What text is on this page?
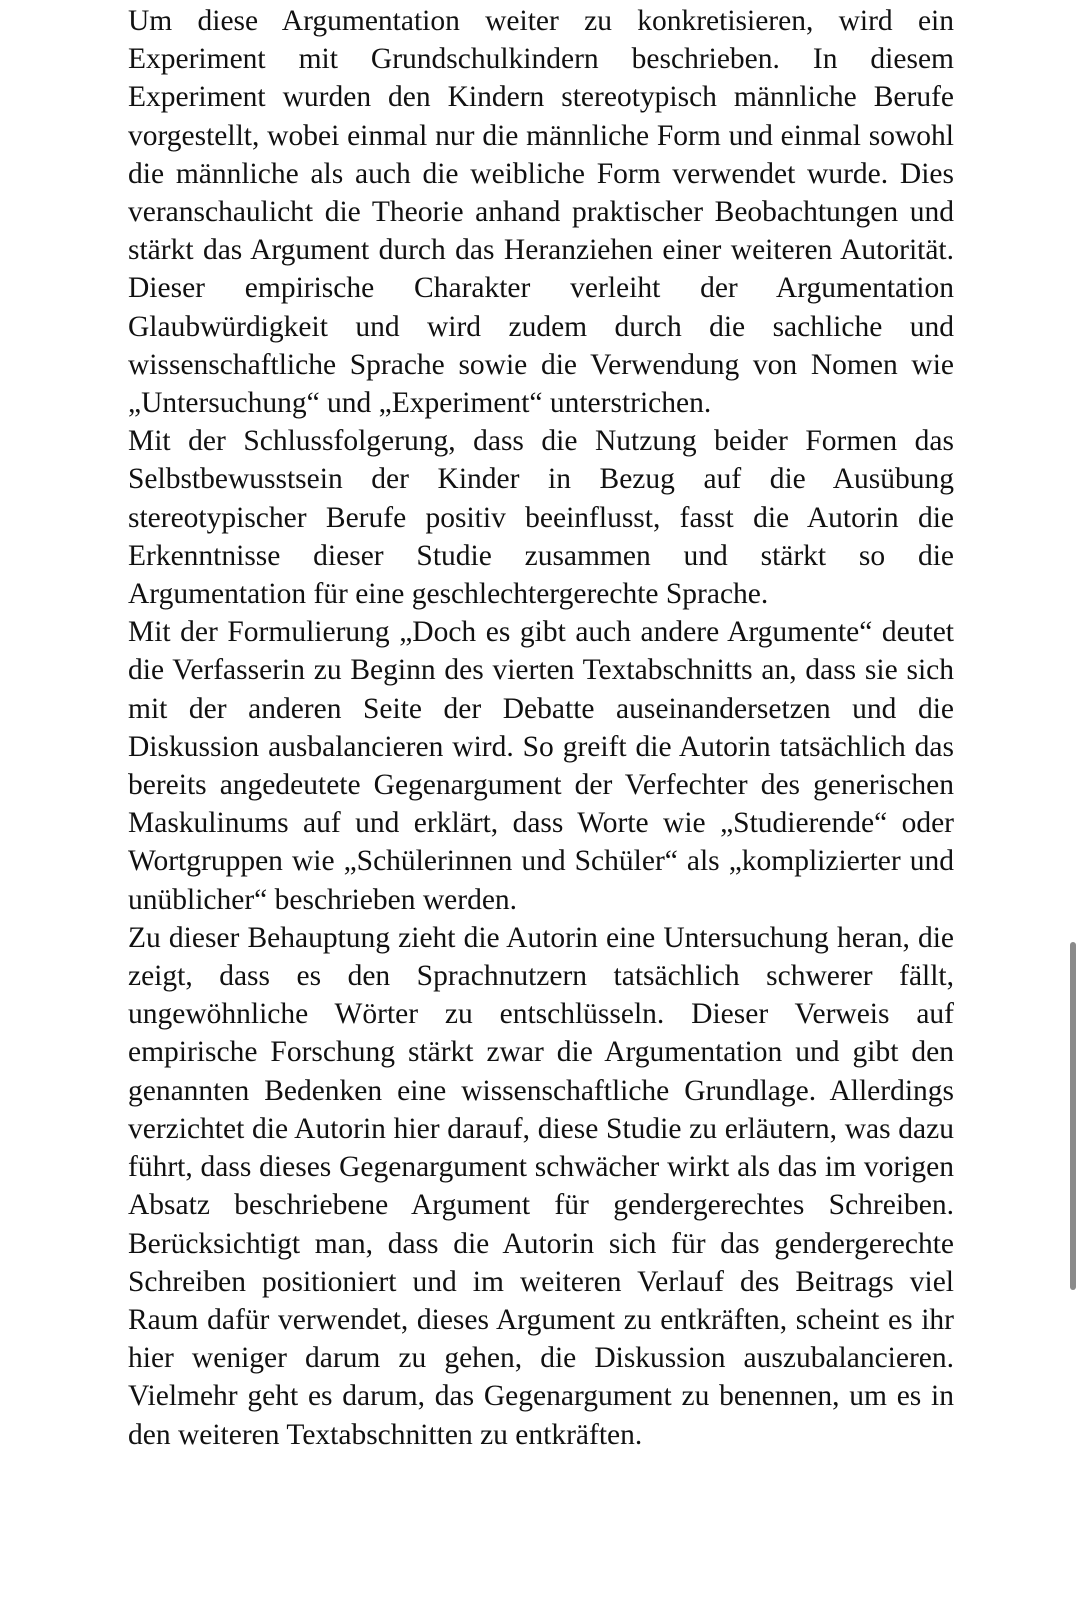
Um diese Argumentation weiter zu konkretisieren, wird ein Experiment mit Grundschulkindern beschrieben. In diesem Experiment wurden den Kindern stereotypisch männliche Berufe vorgestellt, wobei einmal nur die männliche Form und einmal sowohl die männliche als auch die weibliche Form verwendet wurde. Dies veranschaulicht die Theorie anhand praktischer Beobachtungen und stärkt das Argument durch das Heranziehen einer weiteren Autorität. Dieser empirische Charakter verleiht der Argumentation Glaubwürdigkeit und wird zudem durch die sachliche und wissenschaftliche Sprache sowie die Verwendung von Nomen wie „Untersuchung“ und „Experiment“ unterstrichen.

Mit der Schlussfolgerung, dass die Nutzung beider Formen das Selbstbewusstsein der Kinder in Bezug auf die Ausübung stereotypischer Berufe positiv beeinflusst, fasst die Autorin die Erkenntnisse dieser Studie zusammen und stärkt so die Argumentation für eine geschlechtergerechte Sprache.

Mit der Formulierung „Doch es gibt auch andere Argumente“ deutet die Verfasserin zu Beginn des vierten Textabschnitts an, dass sie sich mit der anderen Seite der Debatte auseinandersetzen und die Diskussion ausbalancieren wird. So greift die Autorin tatsächlich das bereits angedeutete Gegenargument der Verfechter des generischen Maskulinums auf und erklärt, dass Worte wie „Studierende“ oder Wortgruppen wie „Schülerinnen und Schüler“ als „komplizierter und unüblicher“ beschrieben werden.

Zu dieser Behauptung zieht die Autorin eine Untersuchung heran, die zeigt, dass es den Sprachnutzern tatsächlich schwerer fällt, ungewöhnliche Wörter zu entschlüsseln. Dieser Verweis auf empirische Forschung stärkt zwar die Argumentation und gibt den genannten Bedenken eine wissenschaftliche Grundlage. Allerdings verzichtet die Autorin hier darauf, diese Studie zu erläutern, was dazu führt, dass dieses Gegenargument schwächer wirkt als das im vorigen Absatz beschriebene Argument für gendergerechtes Schreiben. Berücksichtigt man, dass die Autorin sich für das gendergerechte Schreiben positioniert und im weiteren Verlauf des Beitrags viel Raum dafür verwendet, dieses Argument zu entkräften, scheint es ihr hier weniger darum zu gehen, die Diskussion auszubalancieren. Vielmehr geht es darum, das Gegenargument zu benennen, um es in den weiteren Textabschnitten zu entkräften.
